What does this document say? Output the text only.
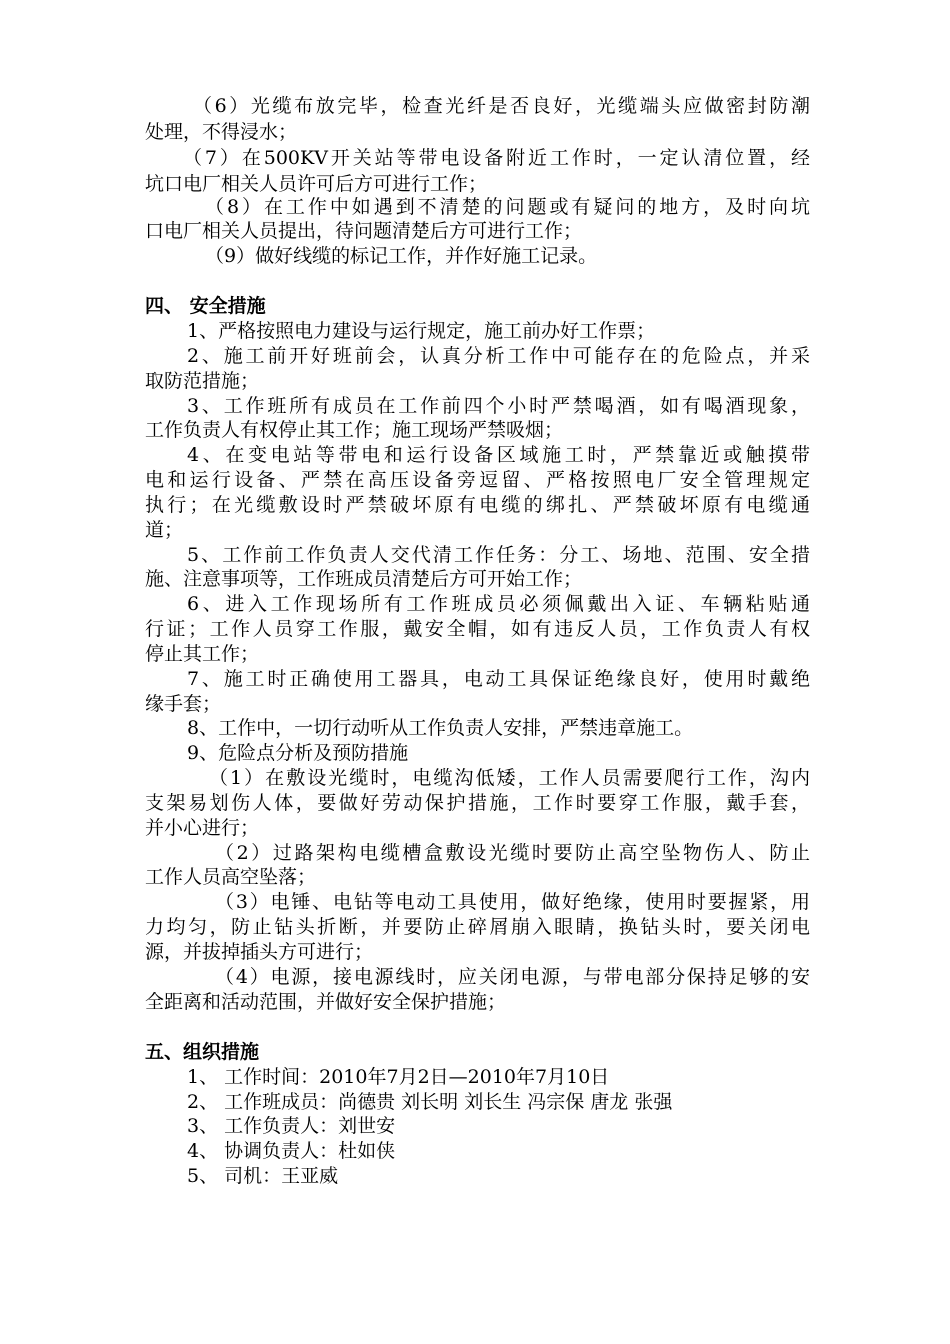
（6）光缆布放完毕，检查光纤是否良好，光缆端头应做密封防潮
处理，不得浸水；
（7）在500KV开关站等带电设备附近工作时，一定认清位置，经
坑口电厂相关人员许可后方可进行工作；
（8）在工作中如遇到不清楚的问题或有疑问的地方，及时向坑
口电厂相关人员提出，待问题清楚后方可进行工作；
（9）做好线缆的标记工作，并作好施工记录。
四、 安全措施
1、严格按照电力建设与运行规定，施工前办好工作票；
2、施工前开好班前会，认真分析工作中可能存在的危险点，并采
取防范措施；
3、工作班所有成员在工作前四个小时严禁喝酒，如有喝酒现象，
工作负责人有权停止其工作；施工现场严禁吸烟；
4、在变电站等带电和运行设备区域施工时，严禁靠近或触摸带
电和运行设备、严禁在高压设备旁逗留、严格按照电厂安全管理规定
执行；在光缆敷设时严禁破坏原有电缆的绑扎、严禁破坏原有电缆通
道；
5、工作前工作负责人交代清工作任务：分工、场地、范围、安全措
施、注意事项等，工作班成员清楚后方可开始工作；
6、进入工作现场所有工作班成员必须佩戴出入证、车辆粘贴通
行证；工作人员穿工作服，戴安全帽，如有违反人员，工作负责人有权
停止其工作；
7、施工时正确使用工器具，电动工具保证绝缘良好，使用时戴绝
缘手套；
8、工作中，一切行动听从工作负责人安排，严禁违章施工。
9、危险点分析及预防措施
（1）在敷设光缆时，电缆沟低矮，工作人员需要爬行工作，沟内
支架易划伤人体，要做好劳动保护措施，工作时要穿工作服，戴手套，
并小心进行；
（2）过路架构电缆槽盒敷设光缆时要防止高空坠物伤人、防止
工作人员高空坠落；
（3）电锤、电钻等电动工具使用，做好绝缘，使用时要握紧，用
力均匀，防止钻头折断，并要防止碎屑崩入眼睛，换钻头时，要关闭电
源，并拔掉插头方可进行；
（4）电源，接电源线时，应关闭电源，与带电部分保持足够的安
全距离和活动范围，并做好安全保护措施；
五、组织措施
1、 工作时间：2010年7月2日—2010年7月10日
2、 工作班成员：尚德贵 刘长明 刘长生 冯宗保 唐龙 张强
3、 工作负责人：刘世安
4、 协调负责人：杜如侠
5、 司机：王亚威
